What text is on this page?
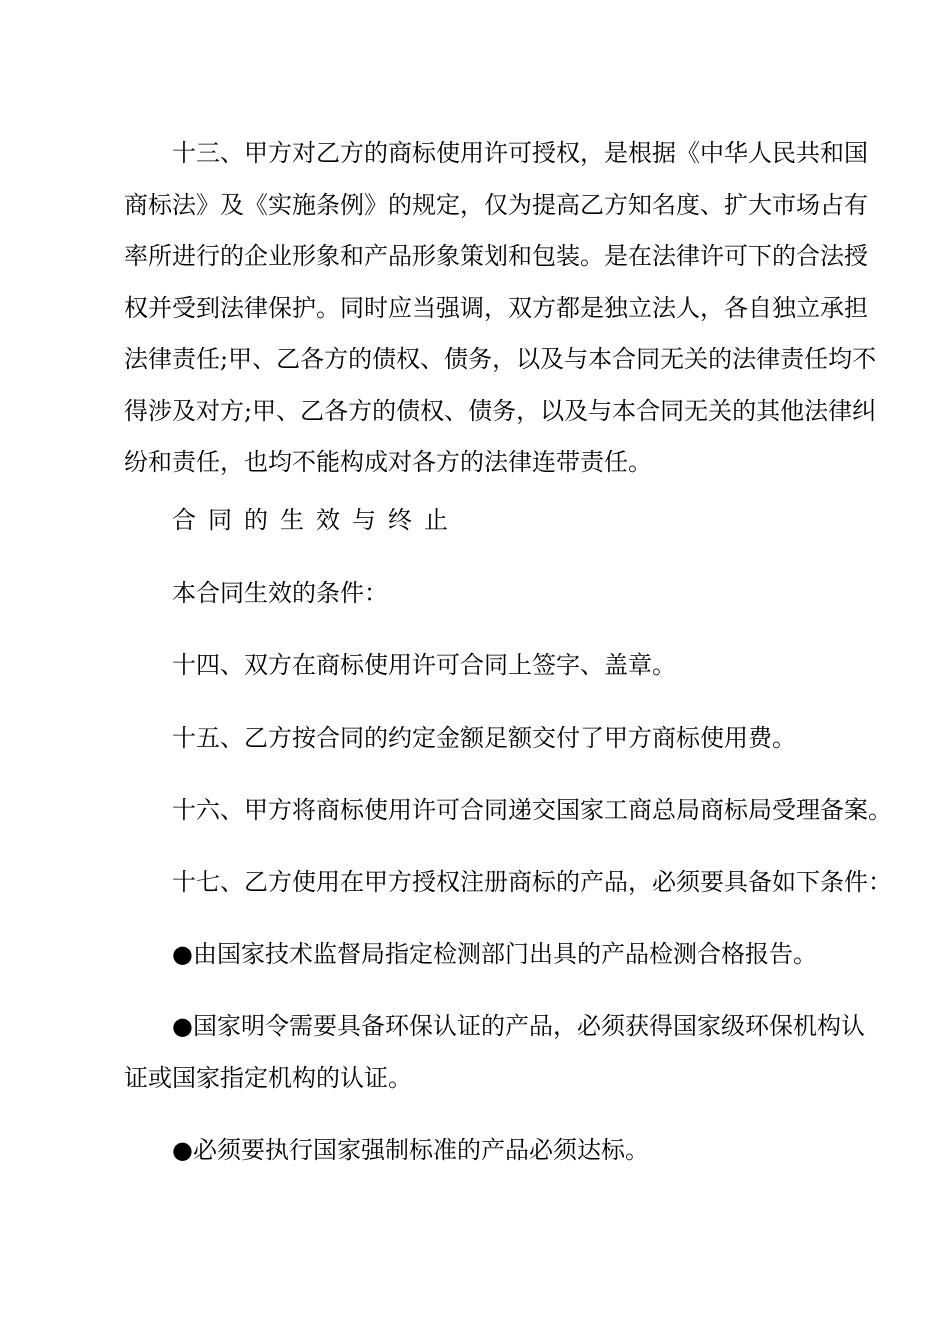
十三、甲方对乙方的商标使用许可授权，是根据《中华人民共和国
商标法》及《实施条例》的规定，仅为提高乙方知名度、扩大市场占有
率所进行的企业形象和产品形象策划和包装。是在法律许可下的合法授
权并受到法律保护。同时应当强调，双方都是独立法人，各自独立承担
法律责任;甲、乙各方的债权、债务，以及与本合同无关的法律责任均不
得涉及对方;甲、乙各方的债权、债务，以及与本合同无关的其他法律纠
纷和责任，也均不能构成对各方的法律连带责任。
合同的生效与终止
本合同生效的条件：
十四、双方在商标使用许可合同上签字、盖章。
十五、乙方按合同的约定金额足额交付了甲方商标使用费。
十六、甲方将商标使用许可合同递交国家工商总局商标局受理备案。
十七、乙方使用在甲方授权注册商标的产品，必须要具备如下条件：
●由国家技术监督局指定检测部门出具的产品检测合格报告。
●国家明令需要具备环保认证的产品，必须获得国家级环保机构认
证或国家指定机构的认证。
●必须要执行国家强制标准的产品必须达标。
